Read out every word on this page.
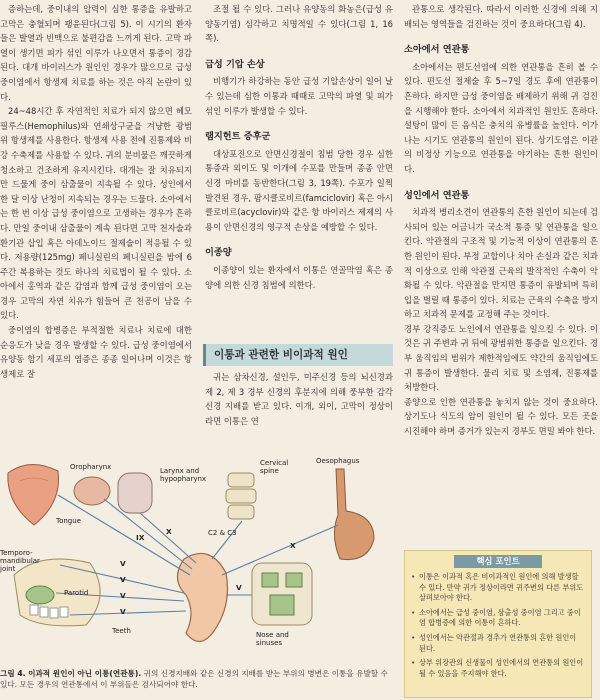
증하는데, 중이내의 압력이 심한 통증을 유발하고 고막은 충혈되며 팽윤된다(그림 5). 이 시기의 환자들은 발열과 빈맥으로 불편감을 느끼게 된다. 고막 파열이 생기면 피가 섞인 이루가 나오면서 통증이 경감된다. 대개 바이러스가 원인인 경우가 많으므로 급성 중이염에서 항생제 치료를 하는 것은 아직 논란이 있다.

24~48시간 후 자연적인 치료가 되지 않으면 헤모필루스(Hemophilus)와 연쇄상구균을 겨냥한 광범위 항생제를 사용한다. 항생제 사용 전에 진통제와 비강 수축제를 사용할 수 있다. 귀의 분비물은 깨끗하게 청소하고 건조하게 유지시킨다. 대개는 잘 치유되지만 드물게 중이 삼출물이 지속될 수 있다. 성인에서 한 달 이상 난청이 지속되는 경우는 드물다. 소아에서는 한 번 이상 급성 중이염으로 고생하는 경우가 흔하다. 만일 중이내 삼출물이 계속 된다면 고막 천자술과 환기관 삽입 혹은 아데노이드 절제술이 적응될 수 있다. 저용량(125mg) 페니실린의 페니실린을 밤에 6주간 복용하는 것도 하나의 치료법이 될 수 있다. 소아에서 홍역과 같은 감염과 함께 급성 중이염이 오는 경우 고막의 자연 치유가 힘들어 큰 천공이 남을 수 있다.

중이염의 합병증은 부적절한 치료나 치료에 대한 순응도가 낮을 경우 발생할 수 있다. 급성 중이염에서 유양동 함기 세포의 염증은 종종 일어나며 이것은 항생제로 잘

조절 될 수 있다. 그러나 유양동의 화농은(급성 유양동기염) 심각하고 치명적일 수 있다(그림 1, 16쪽).

급성 기압 손상

비행기가 하강하는 동안 급성 기압손상이 일어 날 수 있는데 심한 이통과 때때로 고막의 파열 및 피가 섞인 이루가 발생할 수 있다.

램지헌트 증후군

대상포진으로 안면신경절이 침범 당한 경우 심한 통증과 외이도 및 이개에 수포를 만들며 종종 안면신경 마비를 동반한다(그림 3, 19쪽). 수포가 일찍 발견된 경우, 팜시클로비르(famciclovir) 혹은 아시클로비르(acyclovir)와 같은 항 바이러스 제제의 사용이 안면신경의 영구적 손상을 예방할 수 있다.

이종양

이종양이 있는 환자에서 이통은 연골막염 혹은 종양에 의한 신경 침범에 의한다.

이통과 관련한 비이과적 원인

귀는 삼차신경, 설인두, 미주신경 등의 뇌신경과 제 2, 제 3 경부 신경의 후분지에 의해 풍부한 감각신경 지배를 받고 있다. 이개, 외이, 고막이 정상이라면 이통은 연

관통으로 생각된다. 따라서 이러한 신경에 의해 지배되는 영역들을 검진하는 것이 중요하다(그림 4).

소아에서 연관통

소아에서는 편도선염에 의한 연관통을 흔히 볼 수 있다. 편도선 절제술 후 5~7일 경도 후에 연관통이 흔하다. 하지만 급성 중이염을 배제하기 위해 귀 검진을 시행해야 한다. 소아에서 치과적인 원인도 흔하다. 설탕이 많이 든 음식은 충치의 유병률을 높인다. 이가 나는 시기도 연관통의 원인이 된다. 상기도염은 이관의 비정상 기능으로 연관통을 야기하는 흔한 원인이다.

성인에서 연관통

치과적 병리소견이 연관통의 흔한 원인이 되는데 검사되어 있는 어금니가 국소적 통증 및 연관통을 일으킨다. 악관절의 구조적 및 기능적 이상이 연관통의 흔한 원인이 된다. 부정 교합이나 치아 손실과 같은 치과적 이상으로 인해 악관절 근육의 발작적인 수축이 악화될 수 있다. 악관절을 만지면 통증이 유발되며 특히 입을 벌릴 때 통증이 있다. 치료는 근육의 수축을 방지하고 치과적 문제를 교정해 주는 것이다.
경부 강직증도 노인에서 연관통을 일으킬 수 있다. 이것은 귀 주변과 귀 뒤에 광범위한 통증을 일으킨다. 경부 움직임의 범위가 제한적임에도 약간의 움직임에도 귀 통증이 발생한다. 물리 치료 및 소염제, 진통제를 처방한다.
종양으로 인한 연관통을 놓치지 않는 것이 중요하다. 상기도나 식도의 암이 원인이 될 수 있다. 모든 곳을 시진해야 하며 증거가 있는지 경부도 면밀 봐야 한다.

Oropharynx	Larynx and hypopharynx
Cervical spine
Oesophagus
Tongue
Temporo-mandibular joint
Parotid
Teeth	Nose and sinuses
C2 & C3
IX
X
X
V
V
V
V
V
그림 4. 이과적 원인이 아닌 이통(연관통). 귀의 신경지배와 같은 신경의 지배를 받는 부위의 병변은 이통을 유발할 수 있다. 모든 경우의 연관통에서 이 부위들은 검사되어야 한다.
핵심 포인트
• 이통은 이과적 혹은 비이과적인 원인에 의해 발생할 수 있다. 만약 귀가 정상이라면 귀주변의 다른 부위도 살펴보아야 한다.
• 소아에서는 급성 중이염, 삼출성 중이염 그리고 중이염 합병증에 의한 이통이 흔하다.
• 성인에서는 악관절과 경추가 연관통의 흔한 원인이 된다.
• 상부 위장관의 신생물이 성인에서의 연관통의 원인이 될 수 있음을 주지해야 한다.
